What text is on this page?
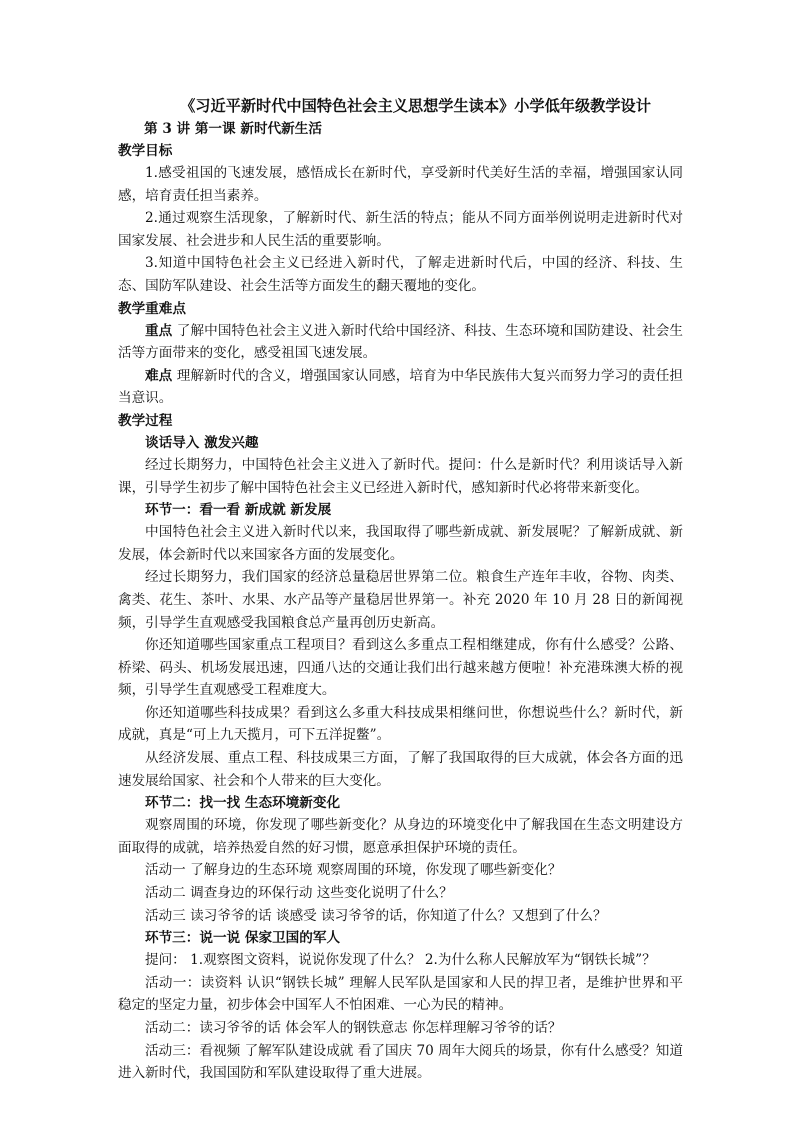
《习近平新时代中国特色社会主义思想学生读本》小学低年级教学设计
第 3 讲 第一课 新时代新生活
教学目标

1.感受祖国的飞速发展，感悟成长在新时代，享受新时代美好生活的幸福，增强国家认同感，培育责任担当素养。

2.通过观察生活现象，了解新时代、新生活的特点；能从不同方面举例说明走进新时代对国家发展、社会进步和人民生活的重要影响。

3.知道中国特色社会主义已经进入新时代，了解走进新时代后，中国的经济、科技、生态、国防军队建设、社会生活等方面发生的翻天覆地的变化。

教学重难点

重点 了解中国特色社会主义进入新时代给中国经济、科技、生态环境和国防建设、社会生活等方面带来的变化，感受祖国飞速发展。

难点 理解新时代的含义，增强国家认同感，培育为中华民族伟大复兴而努力学习的责任担当意识。

教学过程
谈话导入 激发兴趣

经过长期努力，中国特色社会主义进入了新时代。提问：什么是新时代？利用谈话导入新课，引导学生初步了解中国特色社会主义已经进入新时代，感知新时代必将带来新变化。

环节一：看一看 新成就 新发展

中国特色社会主义进入新时代以来，我国取得了哪些新成就、新发展呢？了解新成就、新发展，体会新时代以来国家各方面的发展变化。

经过长期努力，我们国家的经济总量稳居世界第二位。粮食生产连年丰收，谷物、肉类、禽类、花生、茶叶、水果、水产品等产量稳居世界第一。补充 2020 年 10 月 28 日的新闻视频，引导学生直观感受我国粮食总产量再创历史新高。

你还知道哪些国家重点工程项目？看到这么多重点工程相继建成，你有什么感受？公路、桥梁、码头、机场发展迅速，四通八达的交通让我们出行越来越方便啦！补充港珠澳大桥的视频，引导学生直观感受工程难度大。

你还知道哪些科技成果？看到这么多重大科技成果相继问世，你想说些什么？新时代，新成就，真是“可上九天揽月，可下五洋捉鳖”。

从经济发展、重点工程、科技成果三方面，了解了我国取得的巨大成就，体会各方面的迅速发展给国家、社会和个人带来的巨大变化。

环节二：找一找 生态环境新变化

观察周围的环境，你发现了哪些新变化？从身边的环境变化中了解我国在生态文明建设方面取得的成就，培养热爱自然的好习惯，愿意承担保护环境的责任。

活动一 了解身边的生态环境 观察周围的环境，你发现了哪些新变化？

活动二 调查身边的环保行动 这些变化说明了什么？

活动三 读习爷爷的话 谈感受 读习爷爷的话，你知道了什么？又想到了什么？

环节三：说一说 保家卫国的军人

提问： 1.观察图文资料，说说你发现了什么？ 2.为什么称人民解放军为“钢铁长城”？

活动一：读资料 认识“钢铁长城” 理解人民军队是国家和人民的捍卫者，是维护世界和平稳定的坚定力量，初步体会中国军人不怕困难、一心为民的精神。

活动二：读习爷爷的话 体会军人的钢铁意志 你怎样理解习爷爷的话？

活动三：看视频 了解军队建设成就 看了国庆 70 周年大阅兵的场景，你有什么感受？知道进入新时代，我国国防和军队建设取得了重大进展。
